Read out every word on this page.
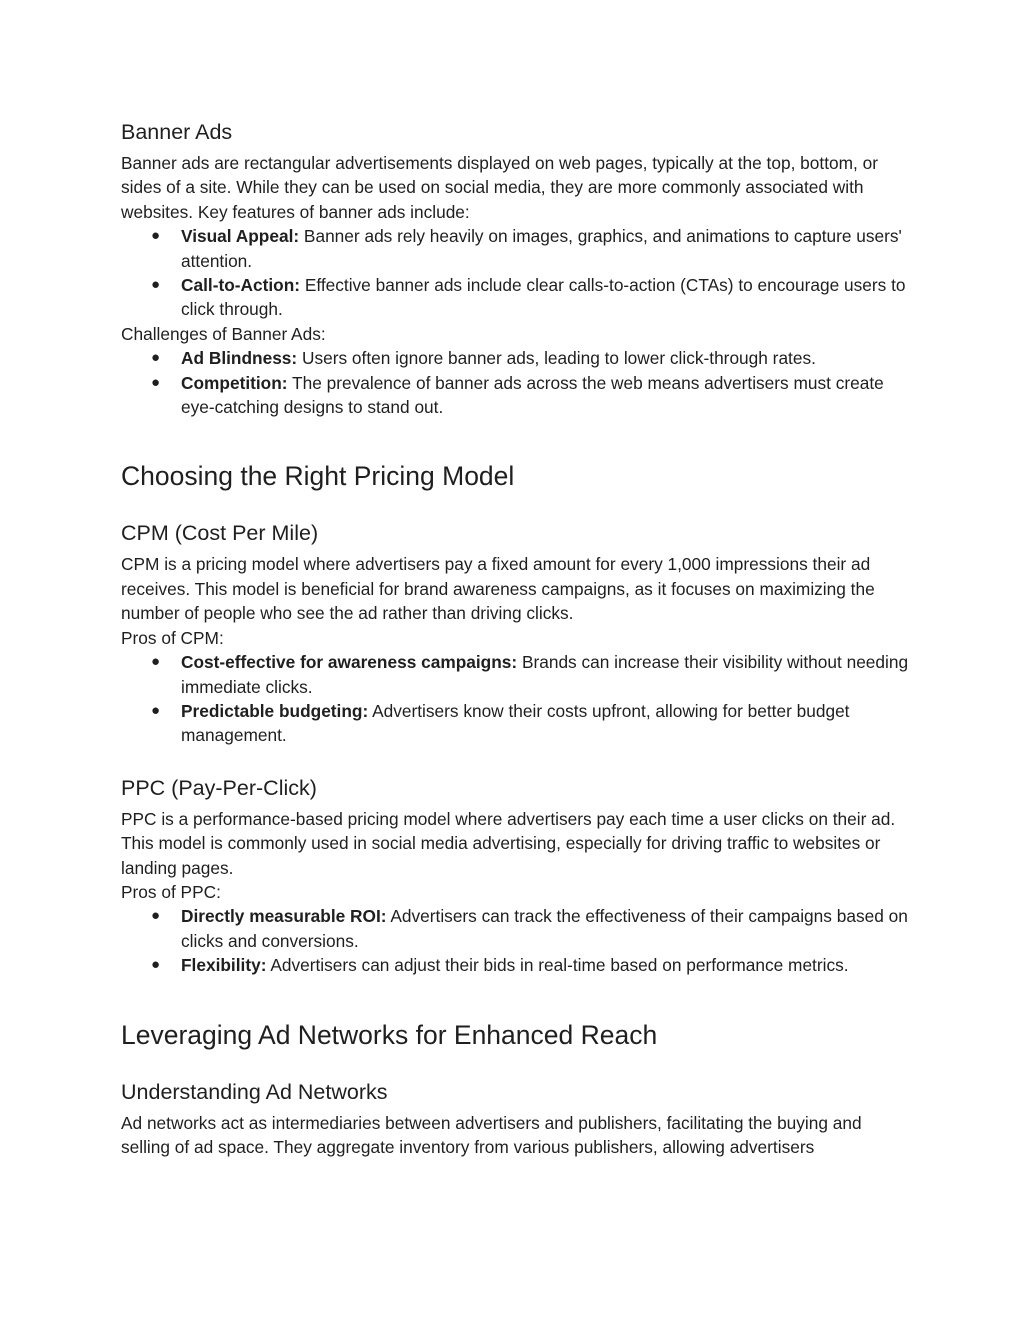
Banner Ads

Banner ads are rectangular advertisements displayed on web pages, typically at the top, bottom, or sides of a site. While they can be used on social media, they are more commonly associated with websites. Key features of banner ads include:

● Visual Appeal: Banner ads rely heavily on images, graphics, and animations to capture users' attention.
● Call-to-Action: Effective banner ads include clear calls-to-action (CTAs) to encourage users to click through.

Challenges of Banner Ads:

● Ad Blindness: Users often ignore banner ads, leading to lower click-through rates.
● Competition: The prevalence of banner ads across the web means advertisers must create eye-catching designs to stand out.
Choosing the Right Pricing Model
CPM (Cost Per Mile)

CPM is a pricing model where advertisers pay a fixed amount for every 1,000 impressions their ad receives. This model is beneficial for brand awareness campaigns, as it focuses on maximizing the number of people who see the ad rather than driving clicks.

Pros of CPM:

● Cost-effective for awareness campaigns: Brands can increase their visibility without needing immediate clicks.
● Predictable budgeting: Advertisers know their costs upfront, allowing for better budget management.
PPC (Pay-Per-Click)

PPC is a performance-based pricing model where advertisers pay each time a user clicks on their ad. This model is commonly used in social media advertising, especially for driving traffic to websites or landing pages.

Pros of PPC:

● Directly measurable ROI: Advertisers can track the effectiveness of their campaigns based on clicks and conversions.
● Flexibility: Advertisers can adjust their bids in real-time based on performance metrics.
Leveraging Ad Networks for Enhanced Reach
Understanding Ad Networks

Ad networks act as intermediaries between advertisers and publishers, facilitating the buying and selling of ad space. They aggregate inventory from various publishers, allowing advertisers
